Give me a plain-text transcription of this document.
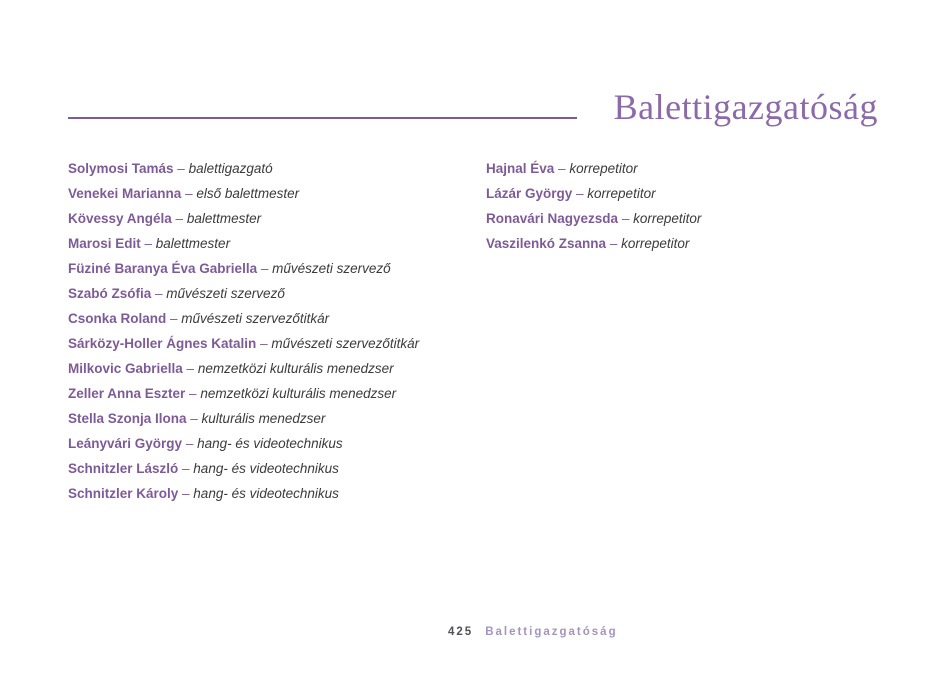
Balettigazgatóság
Solymosi Tamás – balettigazgató
Venekei Marianna – első balettmester
Kövessy Angéla – balettmester
Marosi Edit – balettmester
Füziné Baranya Éva Gabriella – művészeti szervező
Szabó Zsófia – művészeti szervező
Csonka Roland – művészeti szervezőtitkár
Sárközy-Holler Ágnes Katalin – művészeti szervezőtitkár
Milkovic Gabriella – nemzetközi kulturális menedzser
Zeller Anna Eszter – nemzetközi kulturális menedzser
Stella Szonja Ilona – kulturális menedzser
Leányvári György – hang- és videotechnikus
Schnitzler László – hang- és videotechnikus
Schnitzler Károly – hang- és videotechnikus
Hajnal Éva – korrepetitor
Lázár György – korrepetitor
Ronavári Nagyezsda – korrepetitor
Vaszilenkó Zsanna – korrepetitor
425 Balettigazgatóság
